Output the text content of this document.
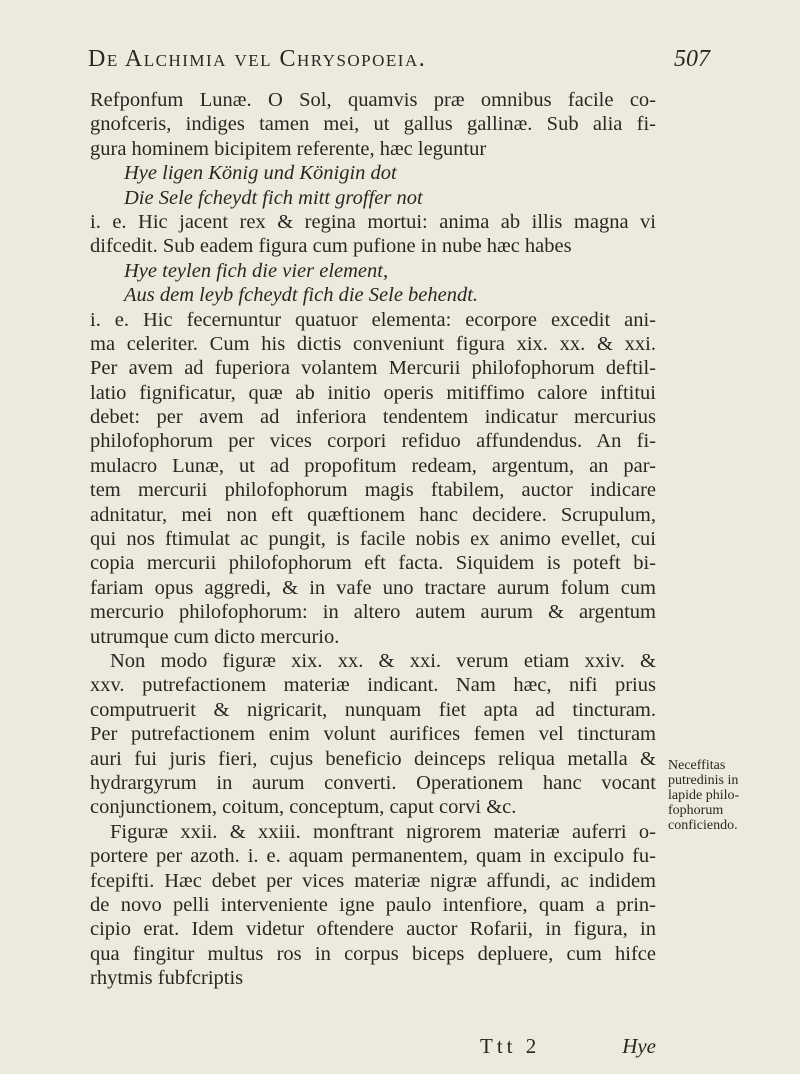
De Alchimia vel Chrysopoeia.	507
Refponfum Lunæ. O Sol, quamvis præ omnibus facile co-
gnofceris, indiges tamen mei, ut gallus gallinæ. Sub alia fi-
gura hominem bicipitem referente, hæc leguntur
Hye ligen König und Königin dot
Die Sele fcheydt fich mitt groffer not
i. e. Hic jacent rex & regina mortui: anima ab illis magna vi
difcedit. Sub eadem figura cum pufione in nube hæc habes
Hye teylen fich die vier element,
Aus dem leyb fcheydt fich die Sele behendt.
i. e. Hic fecernuntur quatuor elementa: ecorpore excedit ani-
ma celeriter. Cum his dictis conveniunt figura xix. xx. & xxi.
Per avem ad fuperiora volantem Mercurii philofophorum deftil-
latio fignificatur, quæ ab initio operis mitiffimo calore inftitui
debet: per avem ad inferiora tendentem indicatur mercurius
philofophorum per vices corpori refiduo affundendus. An fi-
mulacro Lunæ, ut ad propofitum redeam, argentum, an par-
tem mercurii philofophorum magis ftabilem, auctor indicare
adnitatur, mei non eft quæftionem hanc decidere. Scrupulum,
qui nos ftimulat ac pungit, is facile nobis ex animo evellet, cui
copia mercurii philofophorum eft facta. Siquidem is poteft bi-
fariam opus aggredi, & in vafe uno tractare aurum folum cum
mercurio philofophorum: in altero autem aurum & argentum
utrumque cum dicto mercurio.
Non modo figuræ xix. xx. & xxi. verum etiam xxiv. &
xxv. putrefactionem materiæ indicant. Nam hæc, nifi prius
computruerit & nigricarit, nunquam fiet apta ad tincturam.
Per putrefactionem enim volunt aurifices femen vel tincturam
auri fui juris fieri, cujus beneficio deinceps reliqua metalla &
hydrargyrum in aurum converti. Operationem hanc vocant
conjunctionem, coitum, conceptum, caput corvi &c.
Figuræ xxii. & xxiii. monftrant nigrorem materiæ auferri o-
portere per azoth. i. e. aquam permanentem, quam in excipulo fu-
fcepifti. Hæc debet per vices materiæ nigræ affundi, ac indidem
de novo pelli interveniente igne paulo intenfiore, quam a prin-
cipio erat. Idem videtur oftendere auctor Rofarii, in figura, in
qua fingitur multus ros in corpus biceps depluere, cum hifce
rhytmis fubfcriptis
Neceffitas
putredinis in
lapide philo-
fophorum
conficiendo.
Ttt 2	Hye
